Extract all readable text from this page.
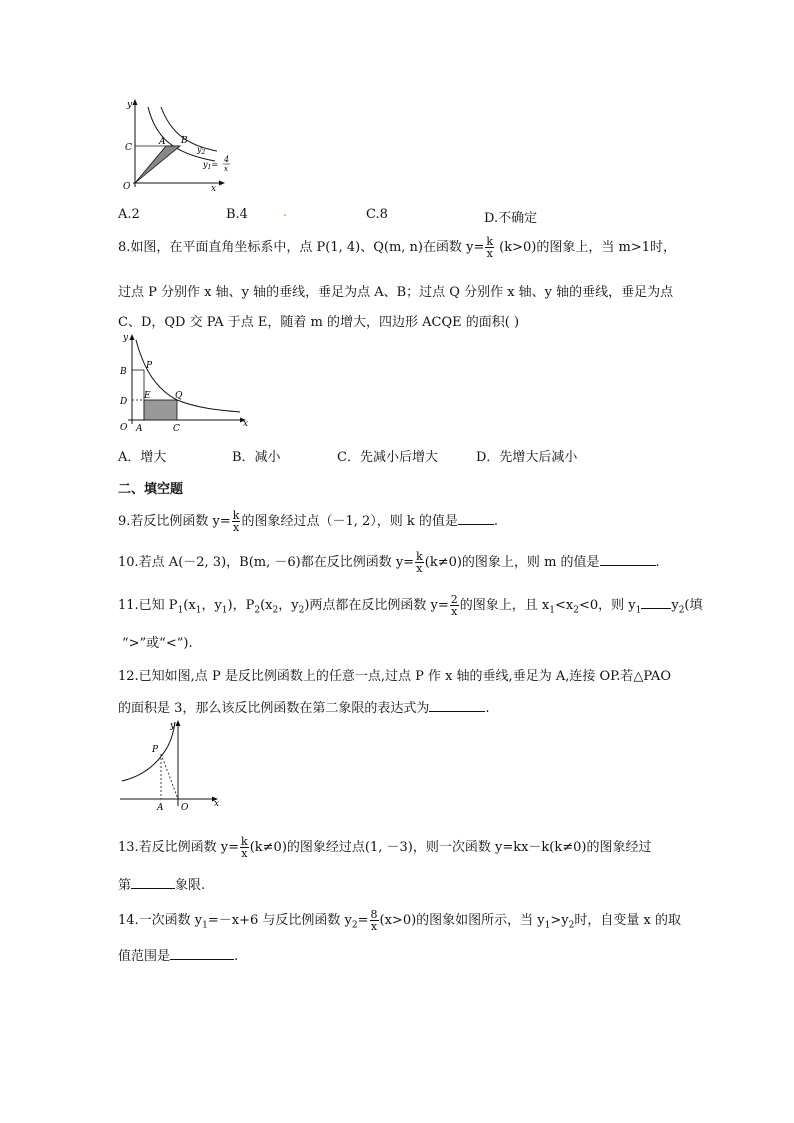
y
x
O
C
A B
$y_2$
$y_1=$
4
x
A.2	B.4	.	C.8	D.不确定
8.如图，在平面直角坐标系中，点 P(1, 4)、Q(m, n)在函数 $y= \frac{k}{x} (k>0)$的图象上，当 m>1时，
过点 P 分别作 x 轴、y 轴的垂线，垂足为点 A、B；过点 Q 分别作 x 轴、y 轴的垂线，垂足为点
C、D，QD 交 PA 于点 E，随着 m 的增大，四边形 ACQE 的面积( )
y
x
O
B
P
E	Q
D
A	C
A．增大	B．减小	C．先减小后增大	D．先增大后减小
二、填空题
9.若反比例函数 $y= \frac{k}{x}$ 的图象经过点（－1, 2），则 k 的值是	.
10.若点 A(－2, 3)，B(m, －6)都在反比例函数 $y= \frac{k}{x} (k\ne 0)$的图象上，则 m 的值是	.
11.已知 $P_1(x_1$，$y_1$)，$P_2(x_2$，$y_2$)两点都在反比例函数 $y= \frac{2}{x}$ 的图象上，且 $x_1<x_2<0$，则 $y_1$ $y_2$(填
“>”或“<”).
12.已知如图,点 P 是反比例函数上的任意一点,过点 P 作 x 轴的垂线,垂足为 A,连接 OP.若△PAO
的面积是 3，那么该反比例函数在第二象限的表达式为	.
y
x
O
P
A
13.若反比例函数 $y= \frac{k}{x} (k\ne 0)$的图象经过点(1, －3)，则一次函数 y=kx－k(k≠0)的图象经过
第	象限.
14.一次函数 $y_1=-x+6$ 与反比例函数 $y_2= \frac{8}{x} (x>0)$的图象如图所示，当 $y_1>y_2$时，自变量 x 的取
值范围是	.
